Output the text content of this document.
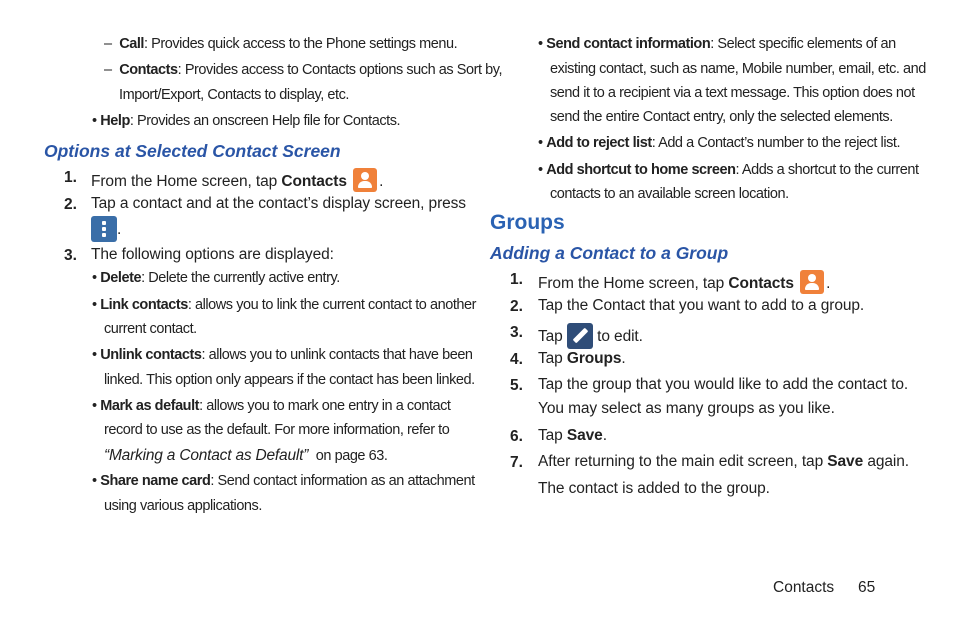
– Call: Provides quick access to the Phone settings menu.
– Contacts: Provides access to Contacts options such as Sort by,
Import/Export, Contacts to display, etc.
• Help: Provides an onscreen Help file for Contacts.
Options at Selected Contact Screen
1. From the Home screen, tap Contacts .
2. Tap a contact and at the contact’s display screen, press
.
3. The following options are displayed:
• Delete: Delete the currently active entry.
• Link contacts: allows you to link the current contact to another
current contact.
• Unlink contacts: allows you to unlink contacts that have been
linked. This option only appears if the contact has been linked.
• Mark as default: allows you to mark one entry in a contact
record to use as the default. For more information, refer to
“Marking a Contact as Default” on page 63.
• Share name card: Send contact information as an attachment
using various applications.
• Send contact information: Select specific elements of an
existing contact, such as name, Mobile number, email, etc. and
send it to a recipient via a text message. This option does not
send the entire Contact entry, only the selected elements.
• Add to reject list: Add a Contact’s number to the reject list.
• Add shortcut to home screen: Adds a shortcut to the current
contacts to an available screen location.
Groups
Adding a Contact to a Group
1. From the Home screen, tap Contacts .
2. Tap the Contact that you want to add to a group.
3. Tap  to edit.
4. Tap Groups.
5. Tap the group that you would like to add the contact to.
You may select as many groups as you like.
6. Tap Save.
7. After returning to the main edit screen, tap Save again.
The contact is added to the group.
Contacts 65
